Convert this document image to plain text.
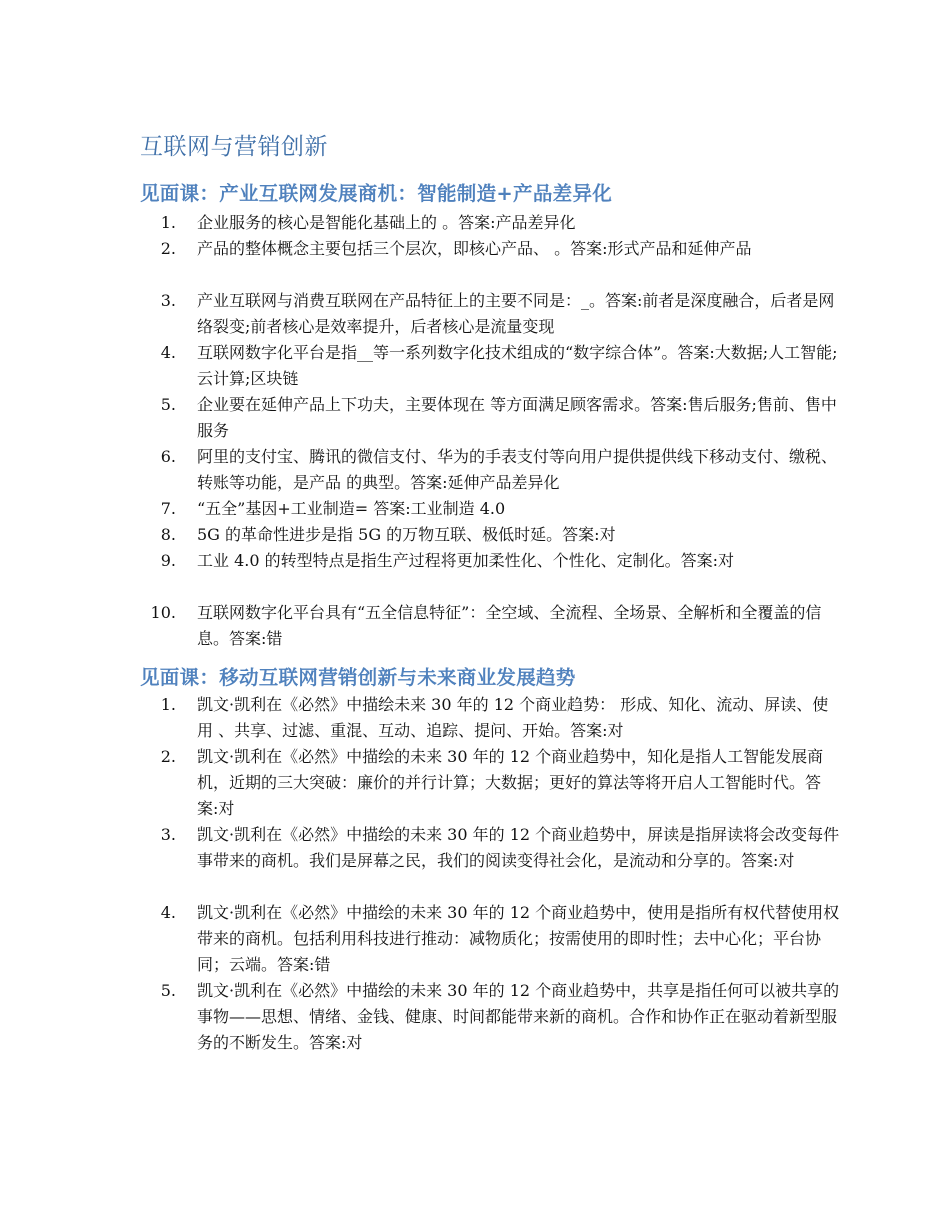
互联网与营销创新
见面课：产业互联网发展商机：智能制造+产品差异化
1. 企业服务的核心是智能化基础上的 。答案:产品差异化
2. 产品的整体概念主要包括三个层次，即核心产品、 。答案:形式产品和延伸产品
3. 产业互联网与消费互联网在产品特征上的主要不同是：_。答案:前者是深度融合，后者是网络裂变;前者核心是效率提升，后者核心是流量变现
4. 互联网数字化平台是指__等一系列数字化技术组成的“数字综合体”。答案:大数据;人工智能;云计算;区块链
5. 企业要在延伸产品上下功夫，主要体现在 等方面满足顾客需求。答案:售后服务;售前、售中服务
6. 阿里的支付宝、腾讯的微信支付、华为的手表支付等向用户提供提供线下移动支付、缴税、转账等功能，是产品 的典型。答案:延伸产品差异化
7. “五全”基因+工业制造= 答案:工业制造 4.0
8. 5G 的革命性进步是指 5G 的万物互联、极低时延。答案:对
9. 工业 4.0 的转型特点是指生产过程将更加柔性化、个性化、定制化。答案:对
10. 互联网数字化平台具有“五全信息特征”：全空域、全流程、全场景、全解析和全覆盖的信息。答案:错
见面课：移动互联网营销创新与未来商业发展趋势
1. 凯文·凯利在《必然》中描绘未来 30 年的 12 个商业趋势： 形成、知化、流动、屏读、使用 、共享、过滤、重混、互动、追踪、提问、开始。答案:对
2. 凯文·凯利在《必然》中描绘的未来 30 年的 12 个商业趋势中，知化是指人工智能发展商机，近期的三大突破：廉价的并行计算；大数据；更好的算法等将开启人工智能时代。答案:对
3. 凯文·凯利在《必然》中描绘的未来 30 年的 12 个商业趋势中，屏读是指屏读将会改变每件事带来的商机。我们是屏幕之民，我们的阅读变得社会化，是流动和分享的。答案:对
4. 凯文·凯利在《必然》中描绘的未来 30 年的 12 个商业趋势中，使用是指所有权代替使用权带来的商机。包括利用科技进行推动：减物质化；按需使用的即时性；去中心化；平台协同；云端。答案:错
5. 凯文·凯利在《必然》中描绘的未来 30 年的 12 个商业趋势中，共享是指任何可以被共享的事物——思想、情绪、金钱、健康、时间都能带来新的商机。合作和协作正在驱动着新型服务的不断发生。答案:对
